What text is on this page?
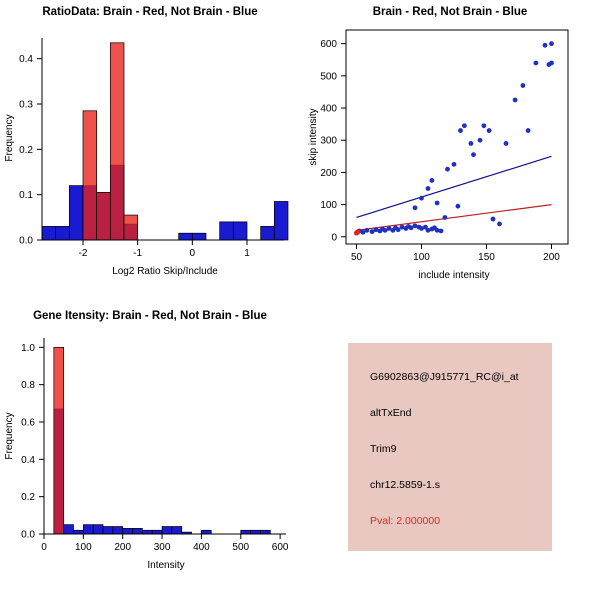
RatioData: Brain - Red, Not Brain - Blue
-2	-1	0	1
0.0
0.1
0.2
0.3
0.4
Log2 Ratio Skip/Include
Frequency
Brain - Red, Not Brain - Blue
50	100	150	200
0
100
200
300
400
500
600
include intensity
skip intensity
Gene Itensity: Brain - Red, Not Brain - Blue
0	100 200 300 400 500 600
0.0
0.2
0.4
0.6
0.8
1.0
Intensity
Frequency
G6902863@J915771_RC@i_at
altTxEnd
Trim9
chr12.5859-1.s
Pval: 2.000000
